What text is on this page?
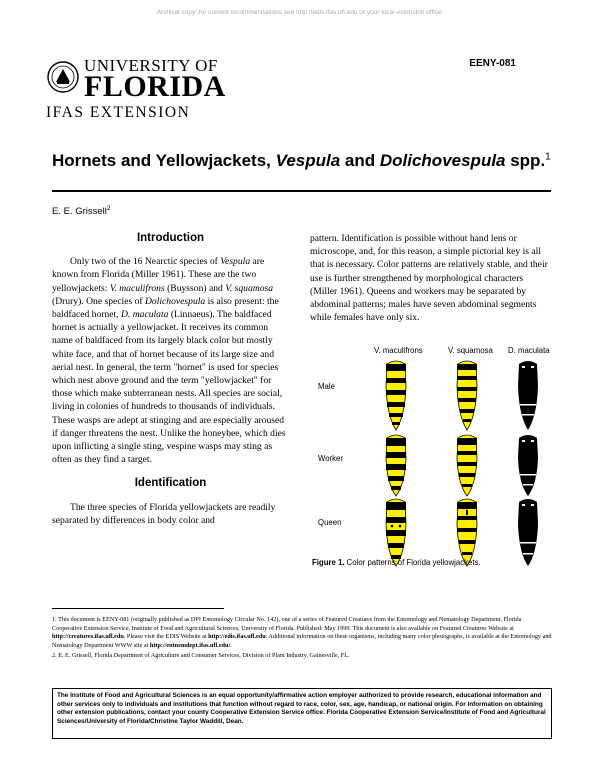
Archival copy: for current recommendations see http://edis.ifas.ufl.edu or your local extension office.
UNIVERSITY OF
FLORIDA
IFAS EXTENSION
EENY-081
Hornets and Yellowjackets, Vespula and Dolichovespula spp.$^1$
E. E. Grissell$^2$
Introduction

Only two of the 16 Nearctic species of Vespula are known from Florida (Miller 1961). These are the two yellowjackets: V. maculifrons (Buysson) and V. squamosa (Drury). One species of Dolichovespula is also present: the baldfaced hornet, D. maculata (Linnaeus). The baldfaced hornet is actually a yellowjacket. It receives its common name of baldfaced from its largely black color but mostly white face, and that of hornet because of its large size and aerial nest. In general, the term "hornet" is used for species which nest above ground and the term "yellowjacket" for those which make subterranean nests. All species are social, living in colonies of hundreds to thousands of individuals. These wasps are adept at stinging and are especially aroused if danger threatens the nest. Unlike the honeybee, which dies upon inflicting a single sting, vespine wasps may sting as often as they find a target.

Identification

The three species of Florida yellowjackets are readily separated by differences in body color and

pattern. Identification is possible without hand lens or microscope, and, for this reason, a simple pictorial key is all that is necessary. Color patterns are relatively stable, and their use is further strengthened by morphological characters (Miller 1961). Queens and workers may be separated by abdominal patterns; males have seven abdominal segments while females have only six.

V. maculifrons	V. squamosa D. maculata
Male
Worker
Queen
Figure 1. Color patterns of Florida yellowjackets.
1. This document is EENY-081 (originally published as DPI Entomology Circular No. 142), one of a series of Featured Creatures from the Entomology and Nematology Department, Florida Cooperative Extension Service, Institute of Food and Agricultural Sciences, University of Florida. Published: May 1999. This document is also available on Featured Creatures Website at http://creatures.ifas.ufl.edu. Please visit the EDIS Website at http://edis.ifas.ufl.edu. Additional information on these organisms, including many color photographs, is available at the Entomology and Nematology Department WWW site at http://entnemdept.ifas.ufl.edu/.
2. E. E. Grissell, Florida Department of Agriculture and Consumer Services, Division of Plant Industry, Gainesville, FL.
The Institute of Food and Agricultural Sciences is an equal opportunity/affirmative action employer authorized to provide research, educational information and other services only to individuals and institutions that function without regard to race, color, sex, age, handicap, or national origin. For information on obtaining other extension publications, contact your county Cooperative Extension Service office. Florida Cooperative Extension Service/Institute of Food and Agricultural Sciences/University of Florida/Christine Taylor Waddill, Dean.
